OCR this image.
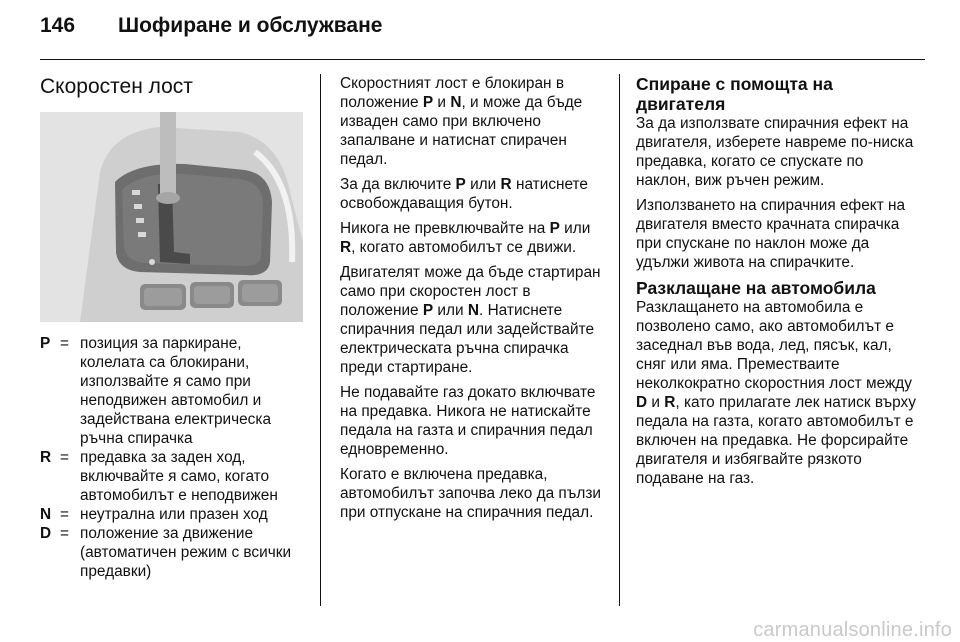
146 Шофиране и обслужване
Скоростен лост
P = позиция за паркиране, колелата са блокирани, използвайте я само при неподвижен автомобил и задействана електрическа ръчна спирачка
R = предавка за заден ход, включвайте я само, когато автомобилът е неподвижен
N = неутрална или празен ход
D = положение за движение (автоматичен режим с всички предавки)

Скоростният лост е блокиран в положение P и N, и може да бъде изваден само при включено запалване и натиснат спирачен педал.

За да включите P или R натиснете освобождаващия бутон.

Никога не превключвайте на P или R, когато автомобилът се движи.

Двигателят може да бъде стартиран само при скоростен лост в положение P или N. Натиснете спирачния педал или задействайте електрическата ръчна спирачка преди стартиране.

Не подавайте газ докато включвате на предавка. Никога не натискайте педала на газта и спирачния педал едновременно.

Когато е включена предавка, автомобилът започва леко да пълзи при отпускане на спирачния педал.

Спиране с помощта на двигателя

За да използвате спирачния ефект на двигателя, изберете навреме по-ниска предавка, когато се спускате по наклон, виж ръчен режим.

Използването на спирачния ефект на двигателя вместо крачната спирачка при спускане по наклон може да удължи живота на спирачките.

Разклащане на автомобила

Разклащането на автомобила е позволено само, ако автомобилът е заседнал във вода, лед, пясък, кал, сняг или яма. Преместваите неколкократно скоростния лост между D и R, като прилагате лек натиск върху педала на газта, когато автомобилът е включен на предавка. Не форсирайте двигателя и избягвайте рязкото подаване на газ.

carmanualsonline.info
